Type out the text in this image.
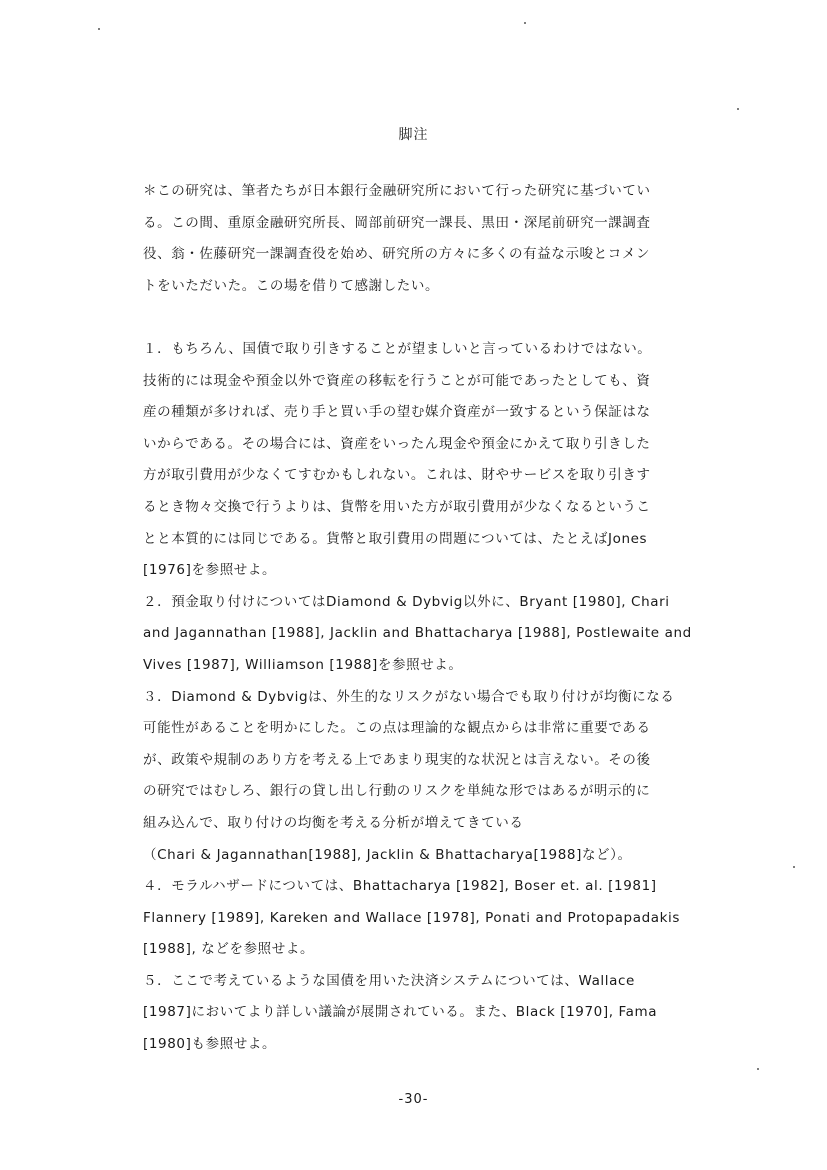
脚注
＊この研究は、筆者たちが日本銀行金融研究所において行った研究に基づいてい
る。この間、重原金融研究所長、岡部前研究一課長、黒田・深尾前研究一課調査
役、翁・佐藤研究一課調査役を始め、研究所の方々に多くの有益な示唆とコメン
トをいただいた。この場を借りて感謝したい。
１．もちろん、国債で取り引きすることが望ましいと言っているわけではない。
技術的には現金や預金以外で資産の移転を行うことが可能であったとしても、資
産の種類が多ければ、売り手と買い手の望む媒介資産が一致するという保証はな
いからである。その場合には、資産をいったん現金や預金にかえて取り引きした
方が取引費用が少なくてすむかもしれない。これは、財やサービスを取り引きす
るとき物々交換で行うよりは、貨幣を用いた方が取引費用が少なくなるというこ
とと本質的には同じである。貨幣と取引費用の問題については、たとえばJones
[1976]を参照せよ。
２．預金取り付けについてはDiamond & Dybvig以外に、Bryant [1980], Chari
and Jagannathan [1988], Jacklin and Bhattacharya [1988], Postlewaite and
Vives [1987], Williamson [1988]を参照せよ。
３．Diamond & Dybvigは、外生的なリスクがない場合でも取り付けが均衡になる
可能性があることを明かにした。この点は理論的な観点からは非常に重要である
が、政策や規制のあり方を考える上であまり現実的な状況とは言えない。その後
の研究ではむしろ、銀行の貸し出し行動のリスクを単純な形ではあるが明示的に
組み込んで、取り付けの均衡を考える分析が増えてきている
（Chari & Jagannathan[1988], Jacklin & Bhattacharya[1988]など）。
４．モラルハザードについては、Bhattacharya [1982], Boser et. al. [1981]
Flannery [1989], Kareken and Wallace [1978], Ponati and Protopapadakis
[1988], などを参照せよ。
５．ここで考えているような国債を用いた決済システムについては、Wallace
[1987]においてより詳しい議論が展開されている。また、Black [1970], Fama
[1980]も参照せよ。
-30-
